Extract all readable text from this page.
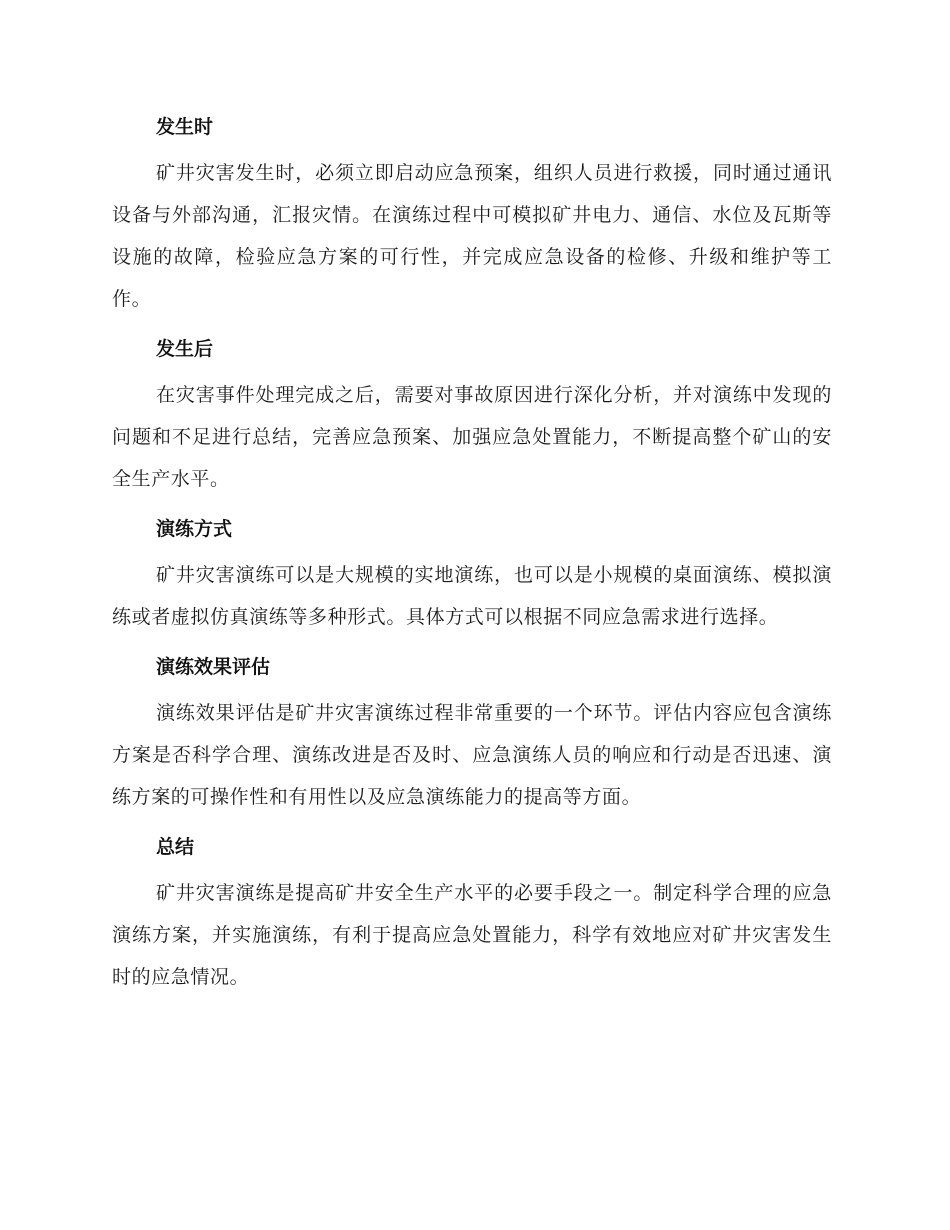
发生时

矿井灾害发生时，必须立即启动应急预案，组织人员进行救援，同时通过通讯设备与外部沟通，汇报灾情。在演练过程中可模拟矿井电力、通信、水位及瓦斯等设施的故障，检验应急方案的可行性，并完成应急设备的检修、升级和维护等工作。

发生后

在灾害事件处理完成之后，需要对事故原因进行深化分析，并对演练中发现的问题和不足进行总结，完善应急预案、加强应急处置能力，不断提高整个矿山的安全生产水平。

演练方式

矿井灾害演练可以是大规模的实地演练，也可以是小规模的桌面演练、模拟演练或者虚拟仿真演练等多种形式。具体方式可以根据不同应急需求进行选择。

演练效果评估

演练效果评估是矿井灾害演练过程非常重要的一个环节。评估内容应包含演练方案是否科学合理、演练改进是否及时、应急演练人员的响应和行动是否迅速、演练方案的可操作性和有用性以及应急演练能力的提高等方面。

总结

矿井灾害演练是提高矿井安全生产水平的必要手段之一。制定科学合理的应急演练方案，并实施演练，有利于提高应急处置能力，科学有效地应对矿井灾害发生时的应急情况。
